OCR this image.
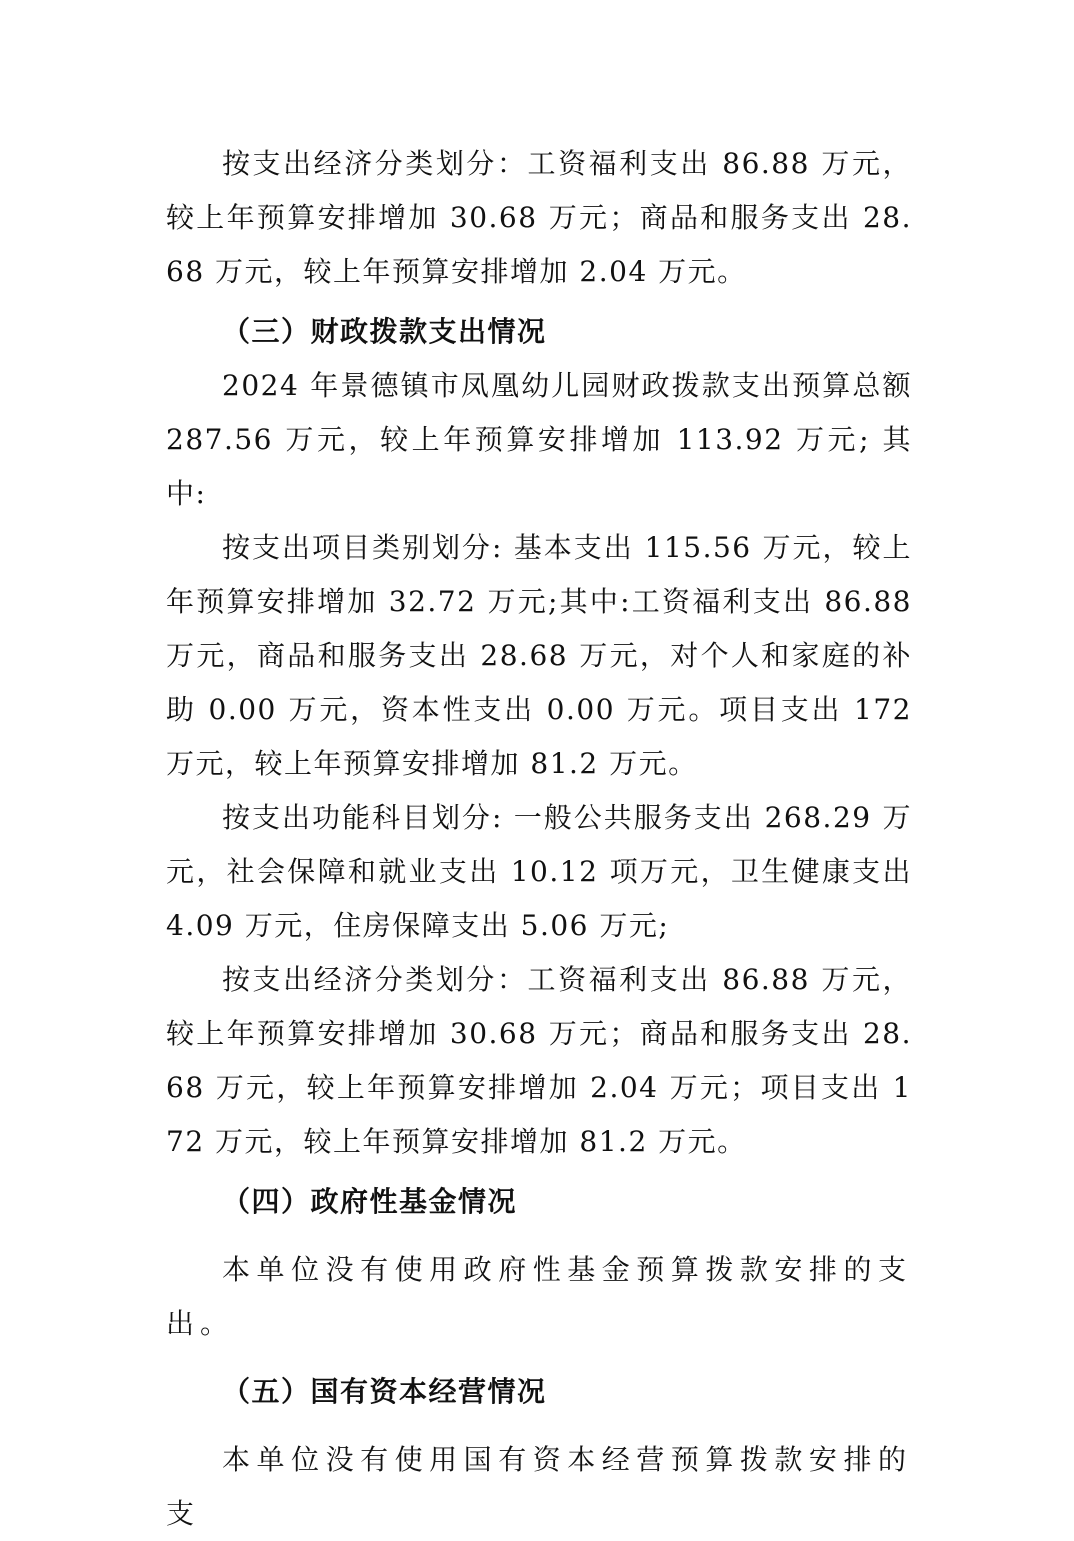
按支出经济分类划分：工资福利支出 86.88 万元，较上年预算安排增加 30.68 万元；商品和服务支出 28.68 万元，较上年预算安排增加 2.04 万元。

（三）财政拨款支出情况

2024 年景德镇市凤凰幼儿园财政拨款支出预算总额 287.56 万元，较上年预算安排增加 113.92 万元; 其中:

按支出项目类别划分: 基本支出 115.56 万元，较上年预算安排增加 32.72 万元;其中:工资福利支出 86.88 万元，商品和服务支出 28.68 万元，对个人和家庭的补助 0.00 万元，资本性支出 0.00 万元。项目支出 172 万元，较上年预算安排增加 81.2 万元。

按支出功能科目划分: 一般公共服务支出 268.29 万元，社会保障和就业支出 10.12 项万元，卫生健康支出 4.09 万元，住房保障支出 5.06 万元;

按支出经济分类划分：工资福利支出 86.88 万元，较上年预算安排增加 30.68 万元；商品和服务支出 28.68 万元，较上年预算安排增加 2.04 万元；项目支出 172 万元，较上年预算安排增加 81.2 万元。

（四）政府性基金情况

本单位没有使用政府性基金预算拨款安排的支出。

（五）国有资本经营情况

本单位没有使用国有资本经营预算拨款安排的支
